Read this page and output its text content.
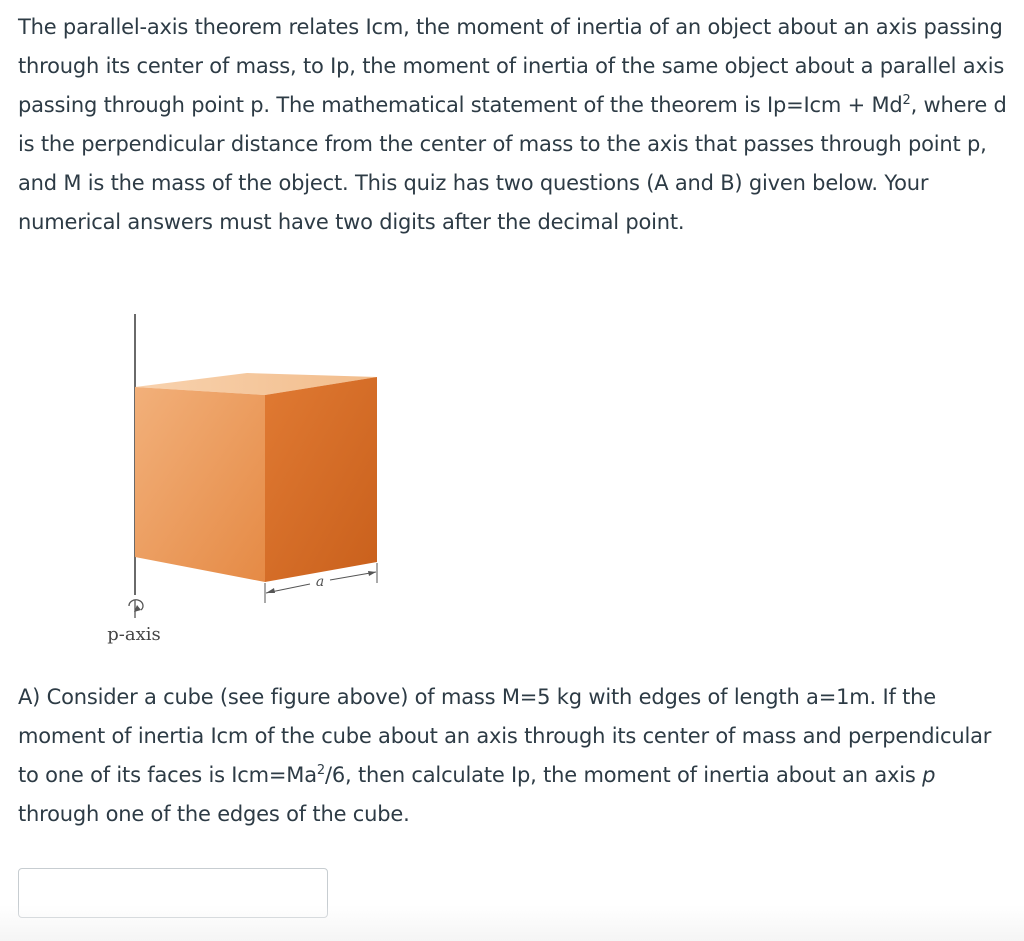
The parallel-axis theorem relates Icm, the moment of inertia of an object about an axis passing through its center of mass, to Ip, the moment of inertia of the same object about a parallel axis passing through point p. The mathematical statement of the theorem is $Ip=Icm + Md^2$, where d is the perpendicular distance from the center of mass to the axis that passes through point p, and M is the mass of the object. This quiz has two questions (A and B) given below. Your numerical answers must have two digits after the decimal point.

a
p-axis

A) Consider a cube (see figure above) of mass M=5 kg with edges of length a=1m. If the moment of inertia Icm of the cube about an axis through its center of mass and perpendicular to one of its faces is $Icm=Ma^2/6$, then calculate Ip, the moment of inertia about an axis p through one of the edges of the cube.
